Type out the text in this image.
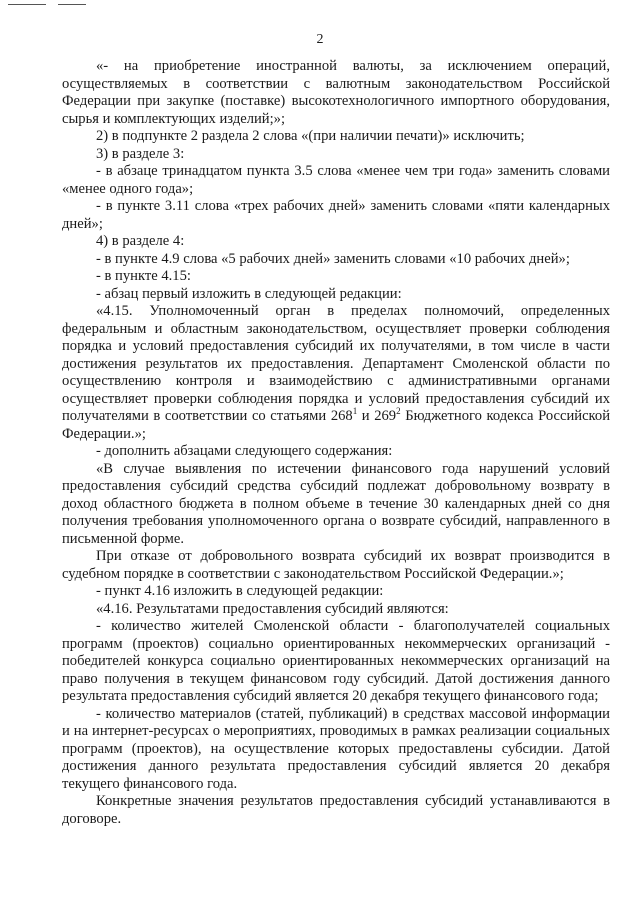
2

«- на приобретение иностранной валюты, за исключением операций, осуществляемых в соответствии с валютным законодательством Российской Федерации при закупке (поставке) высокотехнологичного импортного оборудования, сырья и комплектующих изделий;»;

2) в подпункте 2 раздела 2 слова «(при наличии печати)» исключить;

3) в разделе 3:

- в абзаце тринадцатом пункта 3.5 слова «менее чем три года» заменить словами «менее одного года»;

- в пункте 3.11 слова «трех рабочих дней» заменить словами «пяти календарных дней»;

4) в разделе 4:

- в пункте 4.9 слова «5 рабочих дней» заменить словами «10 рабочих дней»;

- в пункте 4.15:

- абзац первый изложить в следующей редакции:

«4.15. Уполномоченный орган в пределах полномочий, определенных федеральным и областным законодательством, осуществляет проверки соблюдения порядка и условий предоставления субсидий их получателями, в том числе в части достижения результатов их предоставления. Департамент Смоленской области по осуществлению контроля и взаимодействию с административными органами осуществляет проверки соблюдения порядка и условий предоставления субсидий их получателями в соответствии со статьями $268^1$ и $269^2$ Бюджетного кодекса Российской Федерации.»;

- дополнить абзацами следующего содержания:

«В случае выявления по истечении финансового года нарушений условий предоставления субсидий средства субсидий подлежат добровольному возврату в доход областного бюджета в полном объеме в течение 30 календарных дней со дня получения требования уполномоченного органа о возврате субсидий, направленного в письменной форме.

При отказе от добровольного возврата субсидий их возврат производится в судебном порядке в соответствии с законодательством Российской Федерации.»;

- пункт 4.16 изложить в следующей редакции:

«4.16. Результатами предоставления субсидий являются:

- количество жителей Смоленской области - благополучателей социальных программ (проектов) социально ориентированных некоммерческих организаций - победителей конкурса социально ориентированных некоммерческих организаций на право получения в текущем финансовом году субсидий. Датой достижения данного результата предоставления субсидий является 20 декабря текущего финансового года;

- количество материалов (статей, публикаций) в средствах массовой информации и на интернет-ресурсах о мероприятиях, проводимых в рамках реализации социальных программ (проектов), на осуществление которых предоставлены субсидии. Датой достижения данного результата предоставления субсидий является 20 декабря текущего финансового года.

Конкретные значения результатов предоставления субсидий устанавливаются в договоре.
